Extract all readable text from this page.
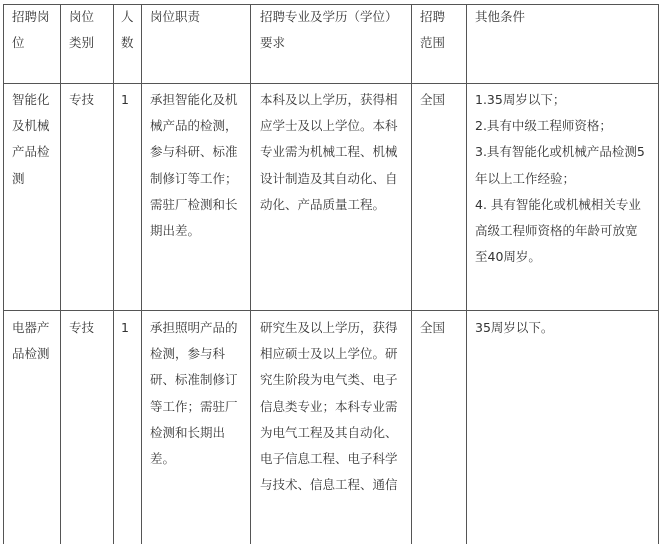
招聘岗
位
岗位
类别
人
数
岗位职责	招聘专业及学历（学位）
要求
招聘
范围
其他条件
智能化
及机械
产品检
测
专技 1 承担智能化及机
械产品的检测，
参与科研、标准
制修订等工作；
需驻厂检测和长
期出差。
本科及以上学历，获得相
应学士及以上学位。本科
专业需为机械工程、机械
设计制造及其自动化、自
动化、产品质量工程。
全国 1.35周岁以下；
2.具有中级工程师资格；
3.具有智能化或机械产品检测5
年以上工作经验；
4. 具有智能化或机械相关专业
高级工程师资格的年龄可放宽
至40周岁。
电器产
品检测
专技 1 承担照明产品的
检测，参与科
研、标准制修订
等工作；需驻厂
检测和长期出
差。
研究生及以上学历，获得
相应硕士及以上学位。研
究生阶段为电气类、电子
信息类专业；本科专业需
为电气工程及其自动化、
电子信息工程、电子科学
与技术、信息工程、通信
全国 35周岁以下。
